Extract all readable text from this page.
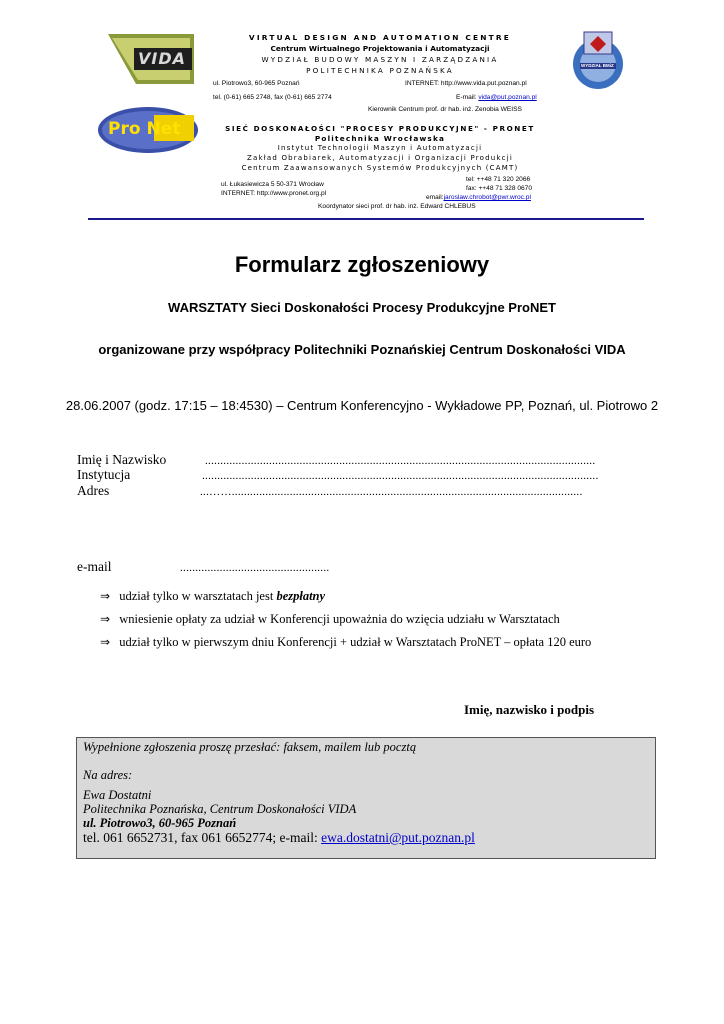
VIDA
Pro Net
WYDZIAŁ BMiZ
VIRTUAL DESIGN AND AUTOMATION CENTRE
Centrum Wirtualnego Projektowania i Automatyzacji
WYDZIAŁ BUDOWY MASZYN I ZARZĄDZANIA
POLITECHNIKA POZNAŃSKA
ul. Piotrowo3, 60-965 Poznań	INTERNET: http://www.vida.put.poznan.pl
tel. (0-61) 665 2748, fax (0-61) 665 2774	E-mail: vida@put.poznan.pl
Kierownik Centrum prof. dr hab. inż. Zenobia WEISS
SIEĆ DOSKONAŁOŚCI "PROCESY PRODUKCYJNE" - PRONET
Politechnika Wrocławska
Instytut Technologii Maszyn i Automatyzacji
Zakład Obrabiarek, Automatyzacji i Organizacji Produkcji
Centrum Zaawansowanych Systemów Produkcyjnych (CAMT)
tel: ++48 71 320 2066
ul. Łukasiewicza 5 50-371 Wrocław
fax: ++48 71 328 0670
INTERNET: http://www.pronet.org.pl
email:jaroslaw.chrobot@pwr.wroc.pl
Koordynator sieci prof. dr hab. inż. Edward CHLEBUS
Formularz zgłoszeniowy
WARSZTATY Sieci Doskonałości Procesy Produkcyjne ProNET
organizowane przy współpracy Politechniki Poznańskiej Centrum Doskonałości VIDA
28.06.2007 (godz. 17:15 – 18:4530) – Centrum Konferencyjno - Wykładowe PP, Poznań, ul. Piotrowo 2
Imię i Nazwisko	................................................................................................................................
Instytucja	..................................................................................................................................
Adres	...……...................................................................................................................
e-mail	.................................................
⇒ udział tylko w warsztatach jest bezpłatny
⇒ wniesienie opłaty za udział w Konferencji upoważnia do wzięcia udziału w Warsztatach
⇒ udział tylko w pierwszym dniu Konferencji + udział w Warsztatach ProNET – opłata 120 euro
Imię, nazwisko i podpis
Wypełnione zgłoszenia proszę przesłać: faksem, mailem lub pocztą
Na adres:
Ewa Dostatni
Politechnika Poznańska, Centrum Doskonałości VIDA
ul. Piotrowo3, 60-965 Poznań
tel. 061 6652731, fax 061 6652774; e-mail: ewa.dostatni@put.poznan.pl
